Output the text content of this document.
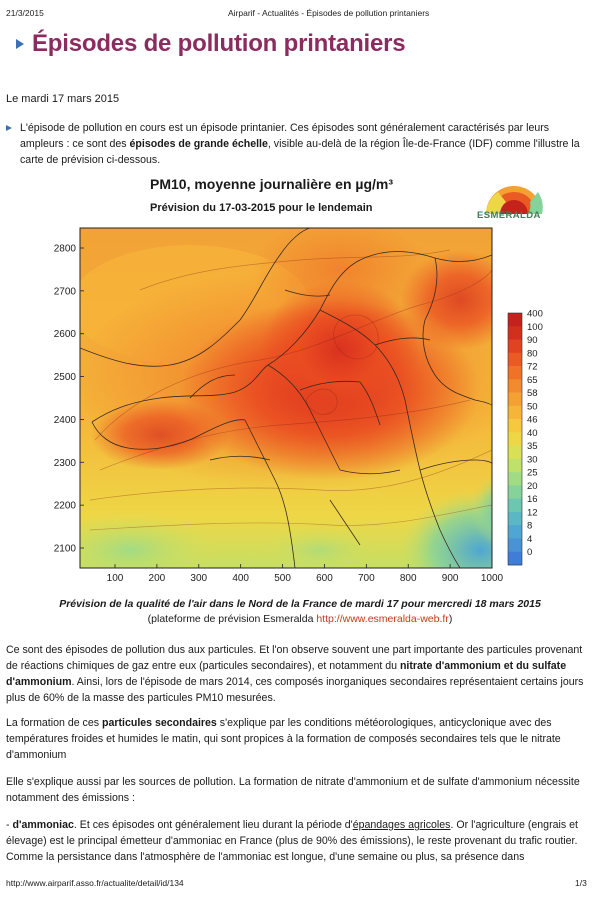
21/3/2015	Airparif - Actualités - Épisodes de pollution printaniers
Épisodes de pollution printaniers
Le mardi 17 mars 2015
L'épisode de pollution en cours est un épisode printanier. Ces épisodes sont généralement caractérisés par leurs ampleurs : ce sont des épisodes de grande échelle, visible au-delà de la région Île-de-France (IDF) comme l'illustre la carte de prévision ci-dessous.
2800
2700
2600
2500
2400
2300
2200
2100
100	200	300	400	500	600	700	800	900 1000
400
100
90
80
72
65
58
50
46
40
35
30
25
20
16
12
8
4
0
PM10, moyenne journalière en µg/m³
Prévision du 17-03-2015 pour le lendemain
ESMERALDA
Prévision de la qualité de l'air dans le Nord de la France de mardi 17 pour mercredi 18 mars 2015
(plateforme de prévision Esmeralda http://www.esmeralda-web.fr)
Ce sont des épisodes de pollution dus aux particules. Et l'on observe souvent une part importante des particules provenant de réactions chimiques de gaz entre eux (particules secondaires), et notamment du nitrate d'ammonium et du sulfate d'ammonium. Ainsi, lors de l'épisode de mars 2014, ces composés inorganiques secondaires représentaient certains jours plus de 60% de la masse des particules PM10 mesurées.
La formation de ces particules secondaires s'explique par les conditions météorologiques, anticyclonique avec des températures froides et humides le matin, qui sont propices à la formation de composés secondaires tels que le nitrate d'ammonium
Elle s'explique aussi par les sources de pollution. La formation de nitrate d'ammonium et de sulfate d'ammonium nécessite notamment des émissions :
- d'ammoniac. Et ces épisodes ont généralement lieu durant la période d'épandages agricoles. Or l'agriculture (engrais et élevage) est le principal émetteur d'ammoniac en France (plus de 90% des émissions), le reste provenant du trafic routier. Comme la persistance dans l'atmosphère de l'ammoniac est longue, d'une semaine ou plus, sa présence dans
http://www.airparif.asso.fr/actualite/detail/id/134	1/3
